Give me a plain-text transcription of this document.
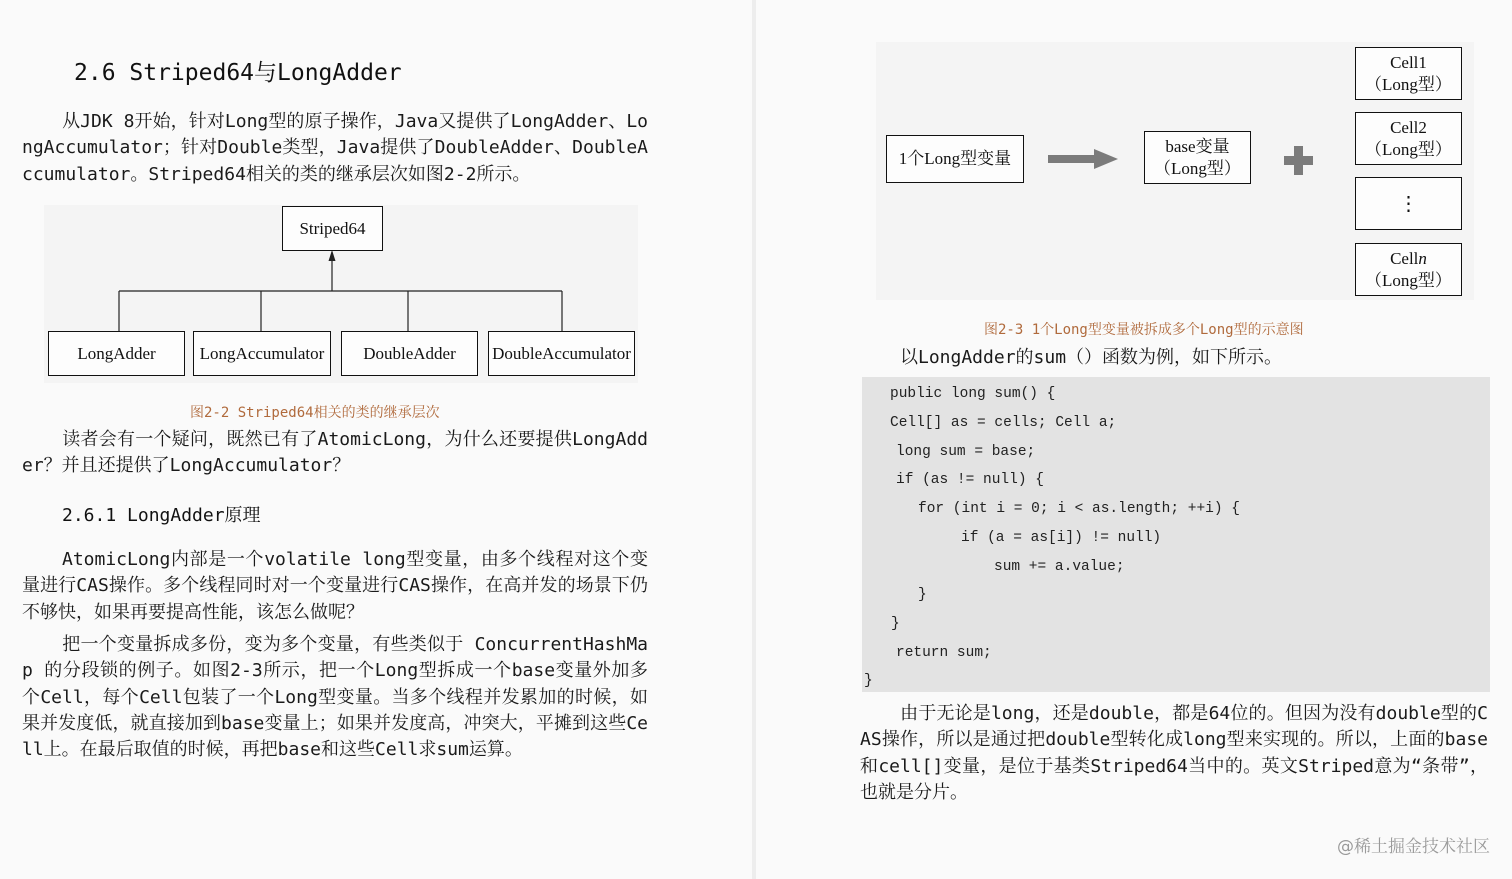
2.6 Striped64与LongAdder
从JDK 8开始，针对Long型的原子操作，Java又提供了LongAdder、LongAccumulator；针对Double类型，Java提供了DoubleAdder、DoubleAccumulator。Striped64相关的类的继承层次如图2-2所示。
Striped64
LongAdder	LongAccumulator	DoubleAdder	DoubleAccumulator
图2-2 Striped64相关的类的继承层次
读者会有一个疑问，既然已有了AtomicLong，为什么还要提供LongAdder？并且还提供了LongAccumulator？
2.6.1 LongAdder原理
AtomicLong内部是一个volatile long型变量，由多个线程对这个变量进行CAS操作。多个线程同时对一个变量进行CAS操作，在高并发的场景下仍不够快，如果再要提高性能，该怎么做呢？
把一个变量拆成多份，变为多个变量，有些类似于 ConcurrentHashMap 的分段锁的例子。如图2-3所示，把一个Long型拆成一个base变量外加多个Cell，每个Cell包装了一个Long型变量。当多个线程并发累加的时候，如果并发度低，就直接加到base变量上；如果并发度高，冲突大，平摊到这些Cell上。在最后取值的时候，再把base和这些Cell求sum运算。
1个Long型变量
base变量
（Long型）
Cell1
（Long型）
Cell2
（Long型）
⋮
Celln
（Long型）
图2-3 1个Long型变量被拆成多个Long型的示意图
以LongAdder的sum（）函数为例，如下所示。
public long sum() {
Cell[] as = cells; Cell a;
long sum = base;
if (as != null) {
for (int i = 0; i < as.length; ++i) {
if (a = as[i]) != null)
sum += a.value;
}
}
return sum;
}
由于无论是long，还是double，都是64位的。但因为没有double型的CAS操作，所以是通过把double型转化成long型来实现的。所以，上面的base和cell[]变量，是位于基类Striped64当中的。英文Striped意为“条带”，也就是分片。
@稀土掘金技术社区
